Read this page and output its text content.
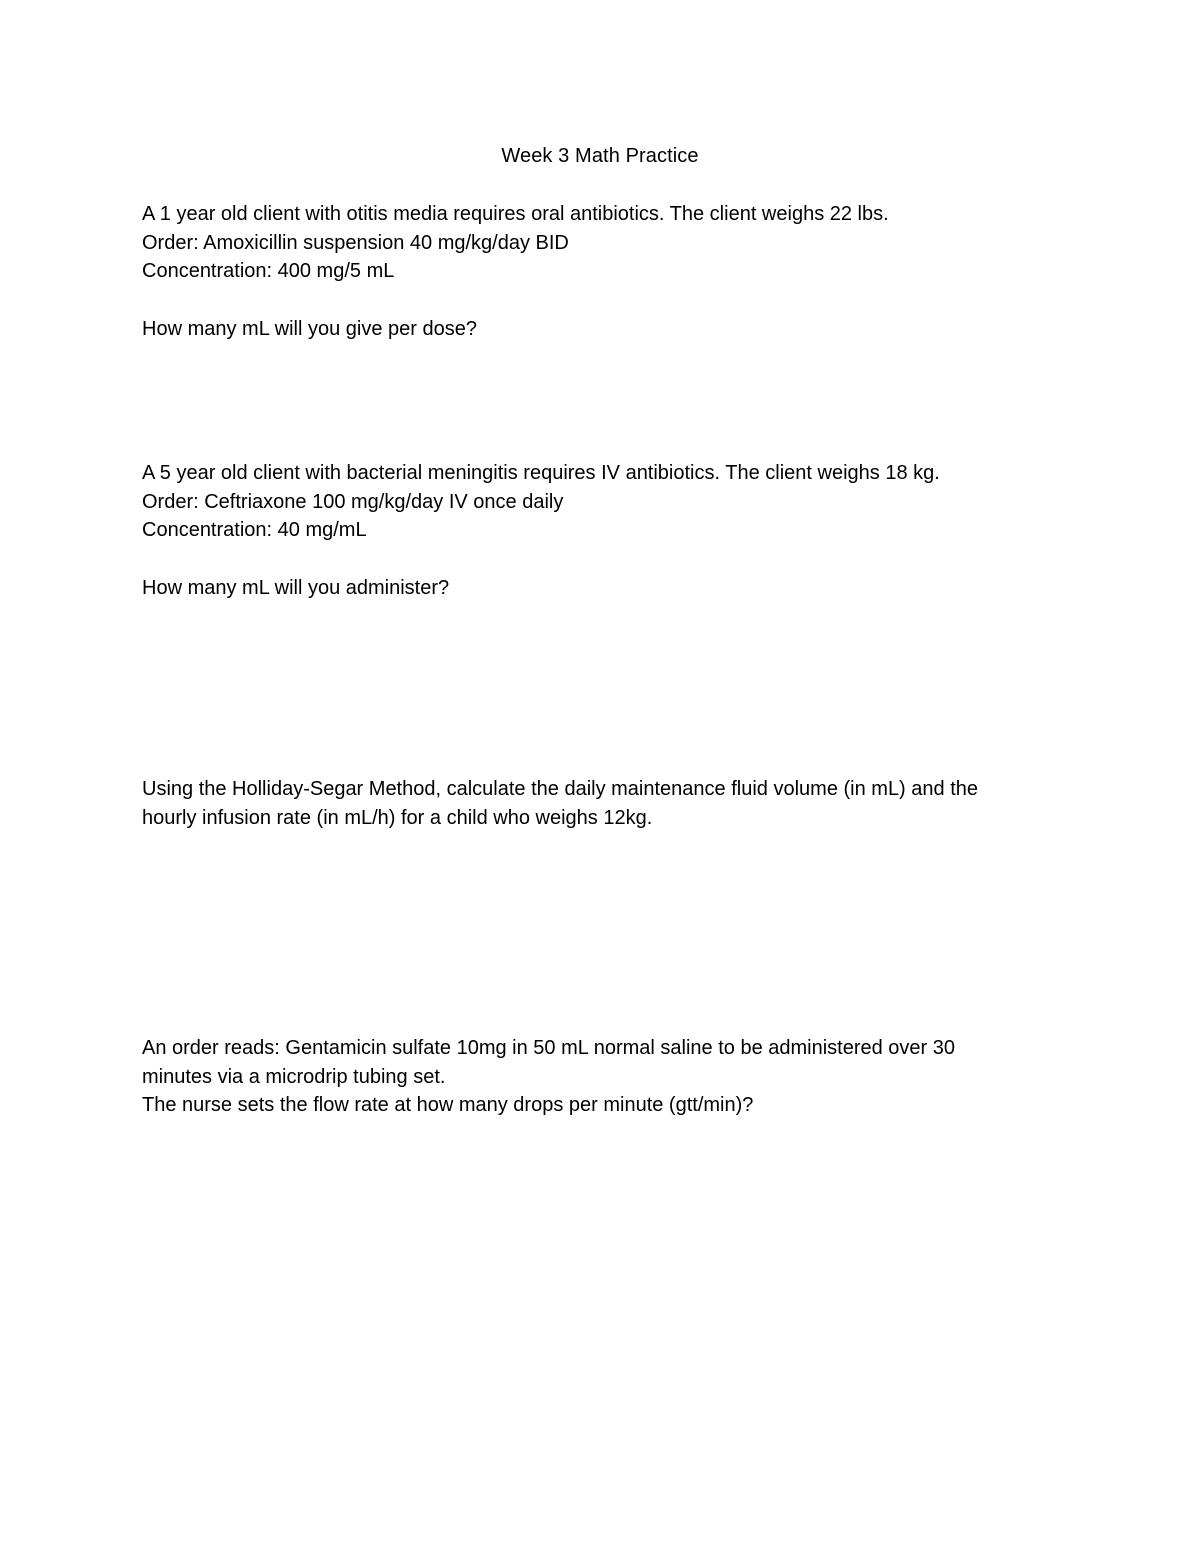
Week 3 Math Practice
A 1 year old client with otitis media requires oral antibiotics. The client weighs 22 lbs.
Order: Amoxicillin suspension 40 mg/kg/day BID
Concentration: 400 mg/5 mL
How many mL will you give per dose?
A 5 year old client with bacterial meningitis requires IV antibiotics. The client weighs 18 kg.
Order: Ceftriaxone 100 mg/kg/day IV once daily
Concentration: 40 mg/mL
How many mL will you administer?
Using the Holliday-Segar Method, calculate the daily maintenance fluid volume (in mL) and the
hourly infusion rate (in mL/h) for a child who weighs 12kg.
An order reads: Gentamicin sulfate 10mg in 50 mL normal saline to be administered over 30
minutes via a microdrip tubing set.
The nurse sets the flow rate at how many drops per minute (gtt/min)?
